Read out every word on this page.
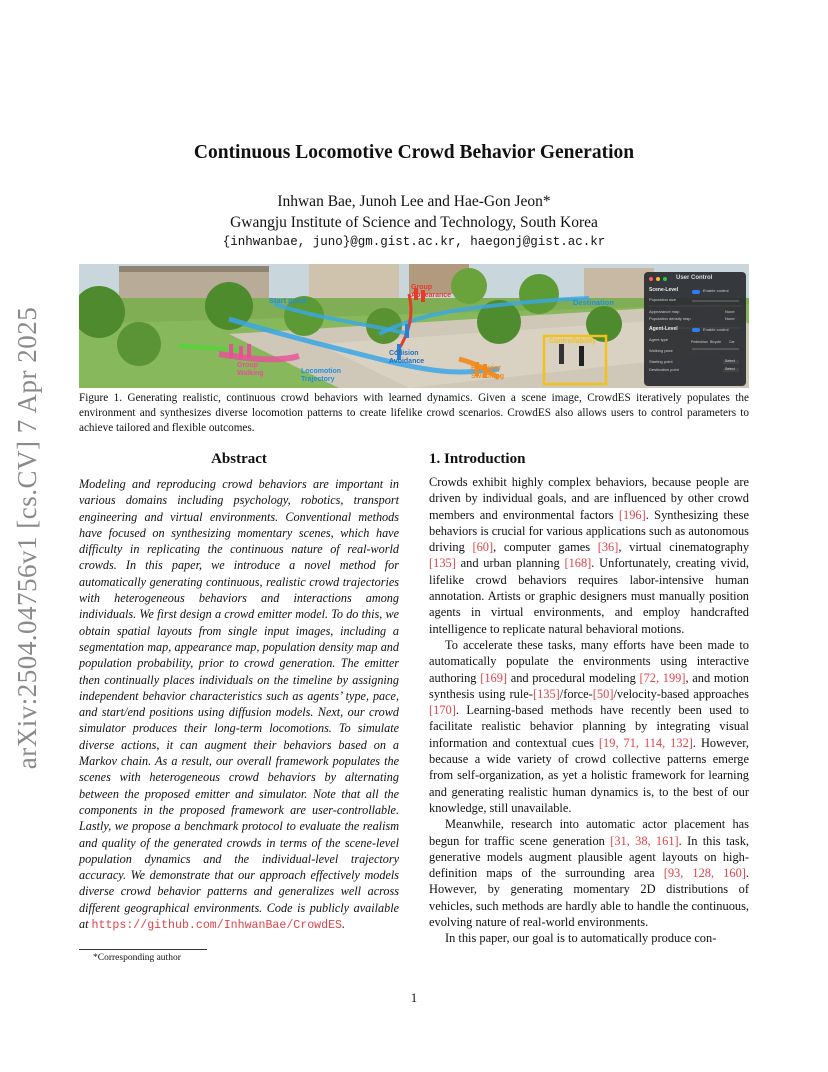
arXiv:2504.04756v1 [cs.CV] 7 Apr 2025
Continuous Locomotive Crowd Behavior Generation
Inhwan Bae, Junoh Lee and Hae-Gon Jeon*
Gwangju Institute of Science and Technology, South Korea
{inhwanbae, juno}@gm.gist.ac.kr, haegonj@gist.ac.kr
Start point
Group Appearance
Destination
Group Walking	Locomotion Trajectory
Collision Avoidance
Behavior Switching
Controllability
User Control
Scene-Level	Enable control
Population size
Appearance map	None
Population density map	None
Agent-Level	Enable control
Agent type	Pedestrian Bicycle Car
Walking pace
Starting point	Select
Destination point	Select
Figure 1. Generating realistic, continuous crowd behaviors with learned dynamics. Given a scene image, CrowdES iteratively populates the environment and synthesizes diverse locomotion patterns to create lifelike crowd scenarios. CrowdES also allows users to control parameters to achieve tailored and flexible outcomes.
Abstract
Modeling and reproducing crowd behaviors are important in various domains including psychology, robotics, transport engineering and virtual environments. Conventional methods have focused on synthesizing momentary scenes, which have difficulty in replicating the continuous nature of real-world crowds. In this paper, we introduce a novel method for automatically generating continuous, realistic crowd trajectories with heterogeneous behaviors and interactions among individuals. We first design a crowd emitter model. To do this, we obtain spatial layouts from single input images, including a segmentation map, appearance map, population density map and population probability, prior to crowd generation. The emitter then continually places individuals on the timeline by assigning independent behavior characteristics such as agents’ type, pace, and start/end positions using diffusion models. Next, our crowd simulator produces their long-term locomotions. To simulate diverse actions, it can augment their behaviors based on a Markov chain. As a result, our overall framework populates the scenes with heterogeneous crowd behaviors by alternating between the proposed emitter and simulator. Note that all the components in the proposed framework are user-controllable. Lastly, we propose a benchmark protocol to evaluate the realism and quality of the generated crowds in terms of the scene-level population dynamics and the individual-level trajectory accuracy. We demonstrate that our approach effectively models diverse crowd behavior patterns and generalizes well across different geographical environments. Code is publicly available at https://github.com/InhwanBae/CrowdES.
*Corresponding author
1. Introduction

Crowds exhibit highly complex behaviors, because people are driven by individual goals, and are influenced by other crowd members and environmental factors [196]. Synthesizing these behaviors is crucial for various applications such as autonomous driving [60], computer games [36], virtual cinematography [135] and urban planning [168]. Unfortunately, creating vivid, lifelike crowd behaviors requires labor-intensive human annotation. Artists or graphic designers must manually position agents in virtual environments, and employ handcrafted intelligence to replicate natural behavioral motions.

To accelerate these tasks, many efforts have been made to automatically populate the environments using interactive authoring [169] and procedural modeling [72, 199], and motion synthesis using rule-[135]/force-[50]/velocity-based approaches [170]. Learning-based methods have recently been used to facilitate realistic behavior planning by integrating visual information and contextual cues [19, 71, 114, 132]. However, because a wide variety of crowd collective patterns emerge from self-organization, as yet a holistic framework for learning and generating realistic human dynamics is, to the best of our knowledge, still unavailable.

Meanwhile, research into automatic actor placement has begun for traffic scene generation [31, 38, 161]. In this task, generative models augment plausible agent layouts on high-definition maps of the surrounding area [93, 128, 160]. However, by generating momentary 2D distributions of vehicles, such methods are hardly able to handle the continuous, evolving nature of real-world environments.

In this paper, our goal is to automatically produce con-

1
